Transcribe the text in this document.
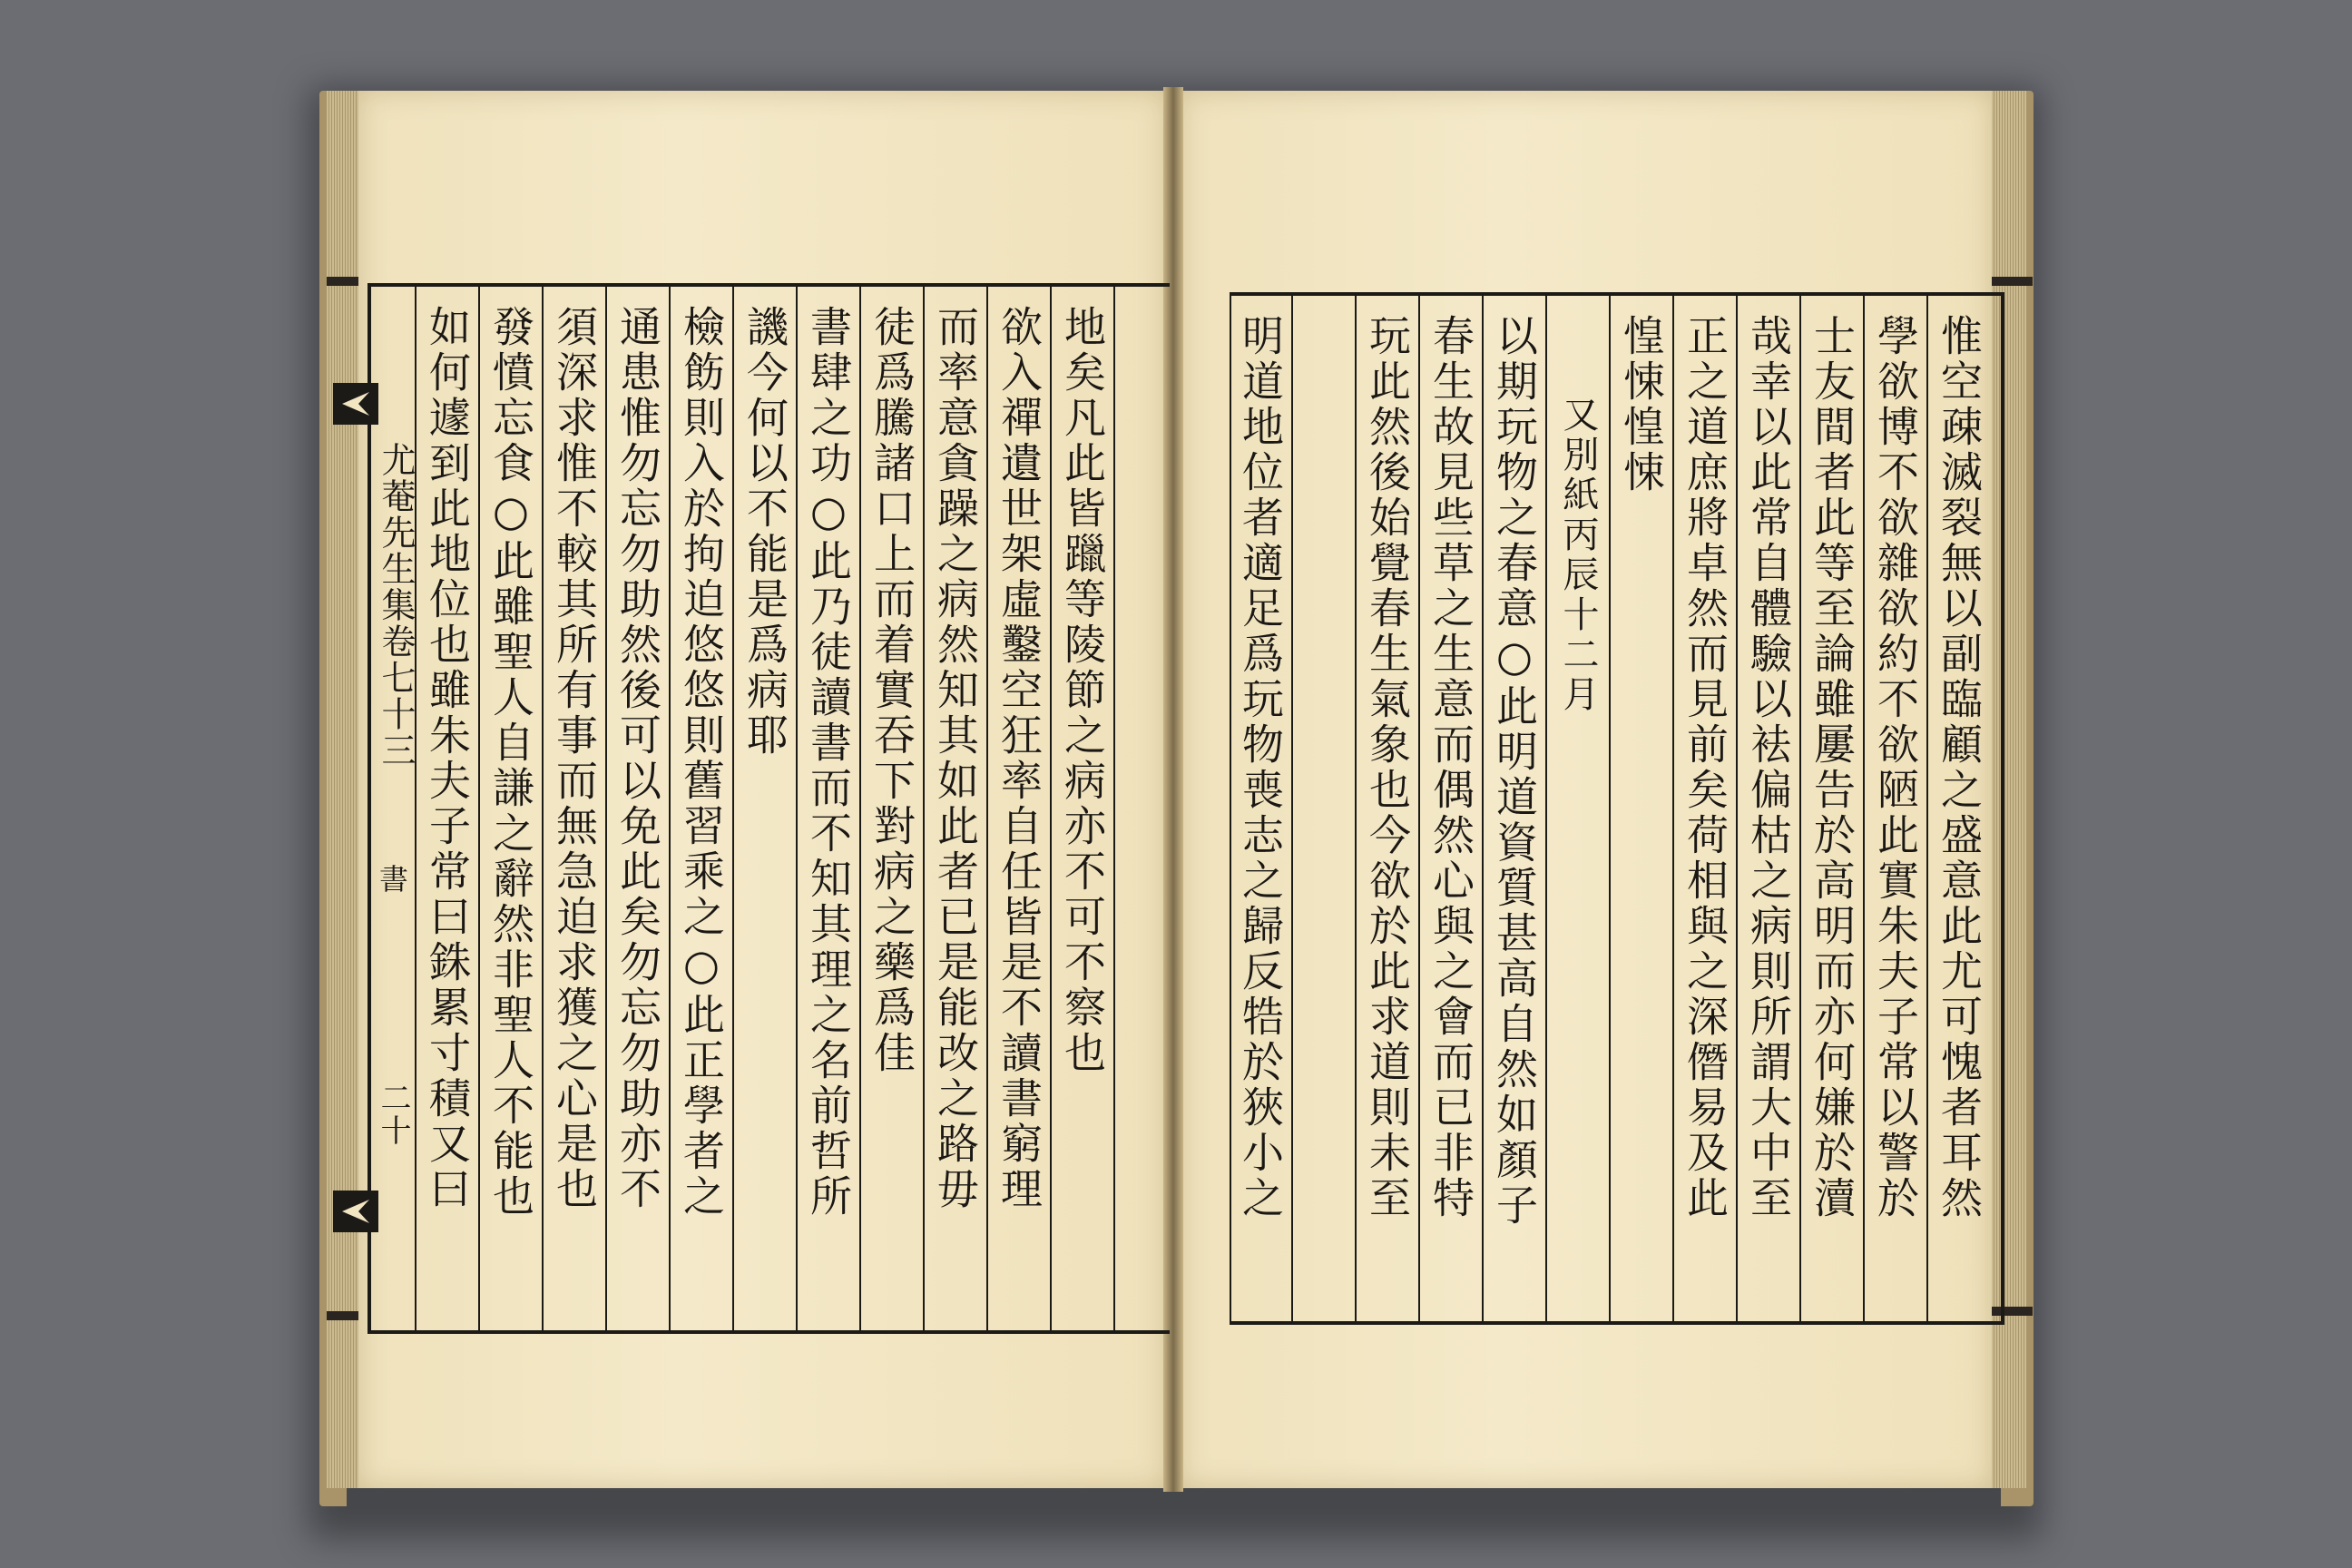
地矣凡此皆躐等陵節之病亦不可不察也
欲入禪遺世架虛鑿空狂率自任皆是不讀書窮理
而率意貪躁之病然知其如此者已是能改之路毋
徒爲騰諸口上而着實吞下對病之藥爲佳
書肆之功○此乃徒讀書而不知其理之名前哲所
譏今何以不能是爲病耶
檢飭則入於拘迫悠悠則舊習乘之○此正學者之
通患惟勿忘勿助然後可以免此矣勿忘勿助亦不
須深求惟不較其所有事而無急迫求獲之心是也
發憤忘食○此雖聖人自謙之辭然非聖人不能也
如何遽到此地位也雖朱夫子常曰銖累寸積又曰
尤菴先生集卷七十三
書
二十	惟空疎滅裂無以副臨顧之盛意此尤可愧者耳然
學欲博不欲雜欲約不欲陋此實朱夫子常以警於
士友間者此等至論雖屢告於高明而亦何嫌於瀆
哉幸以此常自體驗以袪偏枯之病則所謂大中至
正之道庶將卓然而見前矣荷相與之深僭易及此
惶悚惶悚
又別紙丙辰十二月
以期玩物之春意○此明道資質甚高自然如顏子
春生故見些草之生意而偶然心與之會而已非特
玩此然後始覺春生氣象也今欲於此求道則未至
明道地位者適足爲玩物喪志之歸反牿於狹小之
